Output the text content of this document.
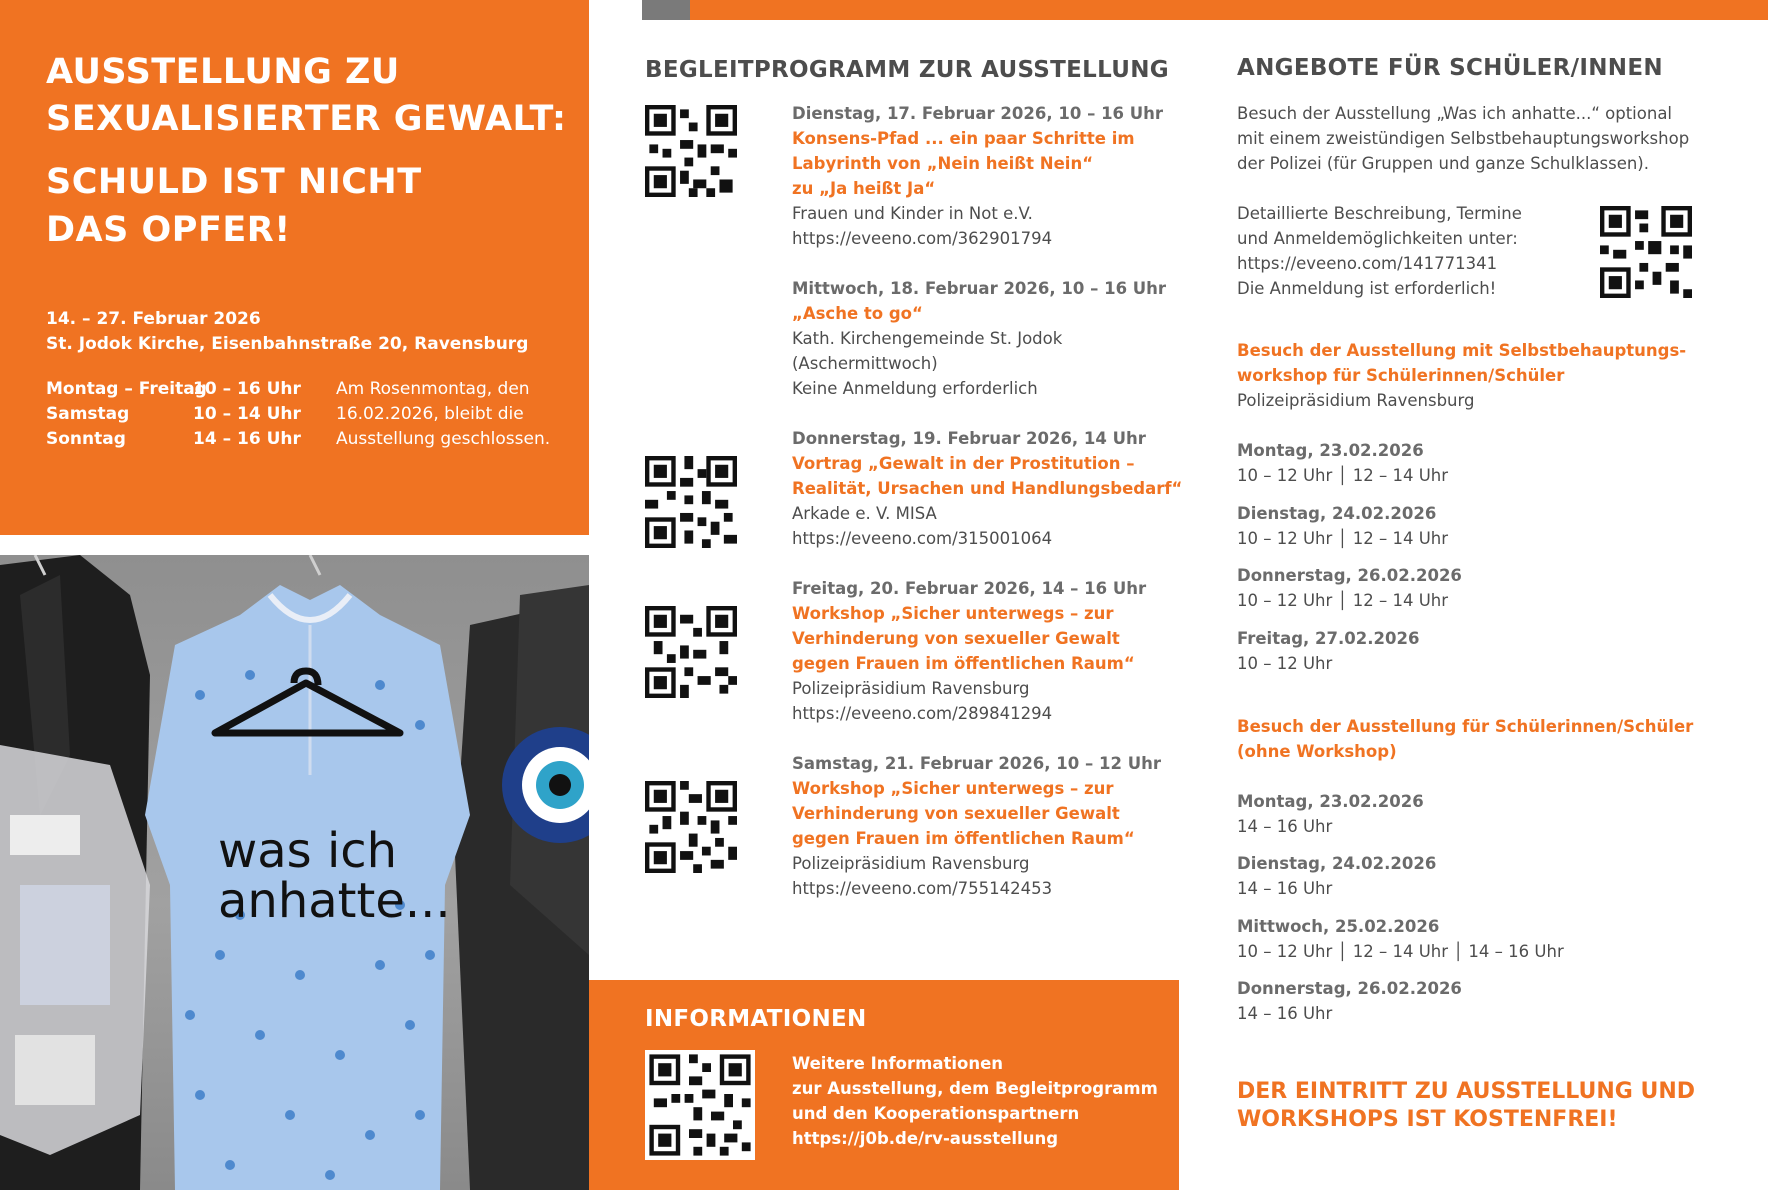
AUSSTELLUNG ZU
SEXUALISIERTER GEWALT:
SCHULD IST NICHT
DAS OPFER!
14. – 27. Februar 2026
St. Jodok Kirche, Eisenbahnstraße 20, Ravensburg
Montag – Freitag
10 – 16 Uhr
Samstag	10 – 14 Uhr
Sonntag	14 – 16 Uhr
Am Rosenmontag, den
16.02.2026, bleibt die
Ausstellung geschlossen.
was ich
anhatte...
BEGLEITPROGRAMM ZUR AUSSTELLUNG
Dienstag, 17. Februar 2026, 10 – 16 Uhr
Konsens-Pfad ... ein paar Schritte im
Labyrinth von „Nein heißt Nein“
zu „Ja heißt Ja“
Frauen und Kinder in Not e.V.
https://eveeno.com/362901794
Mittwoch, 18. Februar 2026, 10 – 16 Uhr
„Asche to go“
Kath. Kirchengemeinde St. Jodok
(Aschermittwoch)
Keine Anmeldung erforderlich
Donnerstag, 19. Februar 2026, 14 Uhr
Vortrag „Gewalt in der Prostitution –
Realität, Ursachen und Handlungsbedarf“
Arkade e. V. MISA
https://eveeno.com/315001064
Freitag, 20. Februar 2026, 14 – 16 Uhr
Workshop „Sicher unterwegs – zur
Verhinderung von sexueller Gewalt
gegen Frauen im öffentlichen Raum“
Polizeipräsidium Ravensburg
https://eveeno.com/289841294
Samstag, 21. Februar 2026, 10 – 12 Uhr
Workshop „Sicher unterwegs – zur
Verhinderung von sexueller Gewalt
gegen Frauen im öffentlichen Raum“
Polizeipräsidium Ravensburg
https://eveeno.com/755142453
INFORMATIONEN
Weitere Informationen
zur Ausstellung, dem Begleitprogramm
und den Kooperationspartnern
https://j0b.de/rv-ausstellung
ANGEBOTE FÜR SCHÜLER/INNEN
Besuch der Ausstellung „Was ich anhatte...“ optional
mit einem zweistündigen Selbstbehauptungsworkshop
der Polizei (für Gruppen und ganze Schulklassen).
Detaillierte Beschreibung, Termine
und Anmeldemöglichkeiten unter:
https://eveeno.com/141771341
Die Anmeldung ist erforderlich!
Besuch der Ausstellung mit Selbstbehauptungs-
workshop für Schülerinnen/Schüler
Polizeipräsidium Ravensburg
Montag, 23.02.2026
10 – 12 Uhr │ 12 – 14 Uhr
Dienstag, 24.02.2026
10 – 12 Uhr │ 12 – 14 Uhr
Donnerstag, 26.02.2026
10 – 12 Uhr │ 12 – 14 Uhr
Freitag, 27.02.2026
10 – 12 Uhr
Besuch der Ausstellung für Schülerinnen/Schüler
(ohne Workshop)
Montag, 23.02.2026
14 – 16 Uhr
Dienstag, 24.02.2026
14 – 16 Uhr
Mittwoch, 25.02.2026
10 – 12 Uhr │ 12 – 14 Uhr │ 14 – 16 Uhr
Donnerstag, 26.02.2026
14 – 16 Uhr
DER EINTRITT ZU AUSSTELLUNG UND
WORKSHOPS IST KOSTENFREI!
